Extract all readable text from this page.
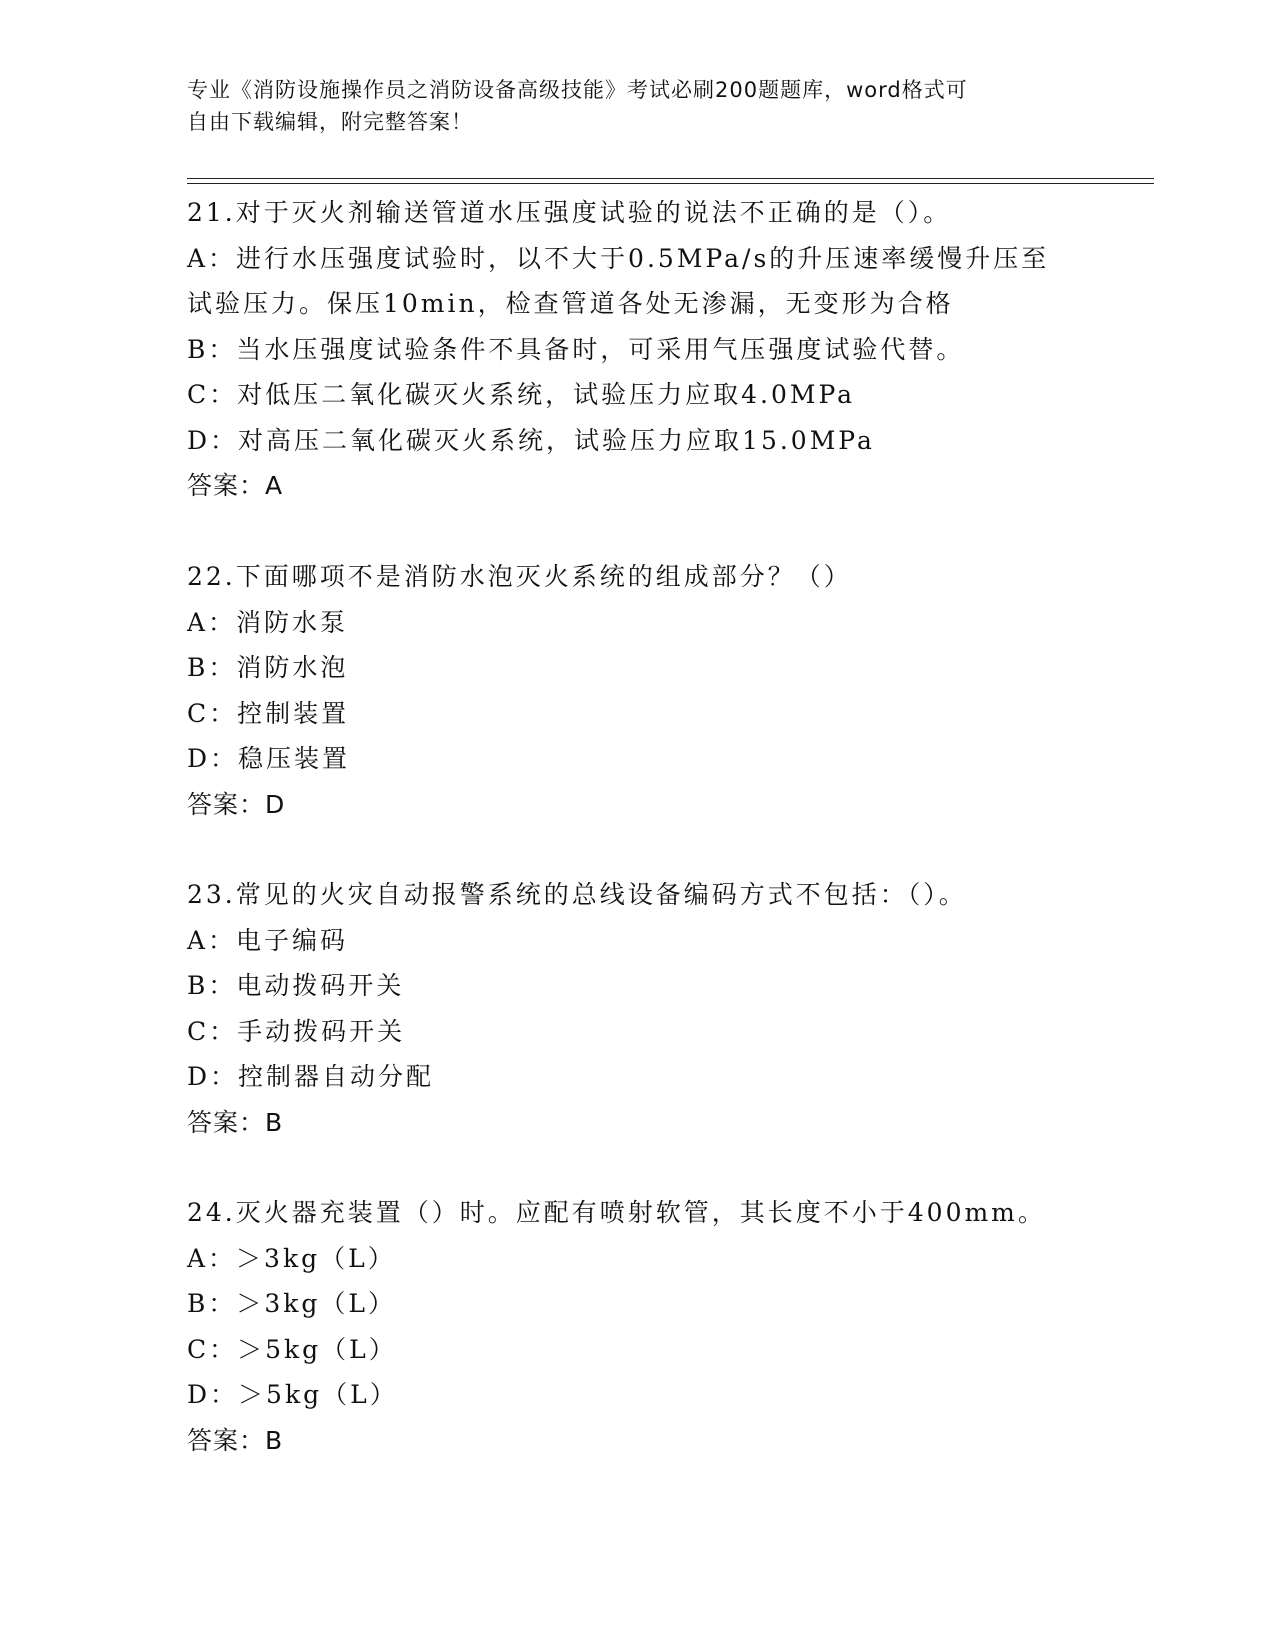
专业《消防设施操作员之消防设备高级技能》考试必刷200题题库，word格式可
自由下载编辑，附完整答案！
21.对于灭火剂输送管道水压强度试验的说法不正确的是（）。
A：进行水压强度试验时，以不大于0.5MPa/s的升压速率缓慢升压至试验压力。保压10min，检查管道各处无渗漏，无变形为合格
B：当水压强度试验条件不具备时，可采用气压强度试验代替。
C：对低压二氧化碳灭火系统，试验压力应取4.0MPa
D：对高压二氧化碳灭火系统，试验压力应取15.0MPa
答案：A
22.下面哪项不是消防水泡灭火系统的组成部分？（）
A：消防水泵
B：消防水泡
C：控制装置
D：稳压装置
答案：D
23.常见的火灾自动报警系统的总线设备编码方式不包括：（）。
A：电子编码
B：电动拨码开关
C：手动拨码开关
D：控制器自动分配
答案：B
24.灭火器充装置（）时。应配有喷射软管，其长度不小于400mm。
A：＞3kg（L）
B：＞3kg（L）
C：＞5kg（L）
D：＞5kg（L）
答案：B
